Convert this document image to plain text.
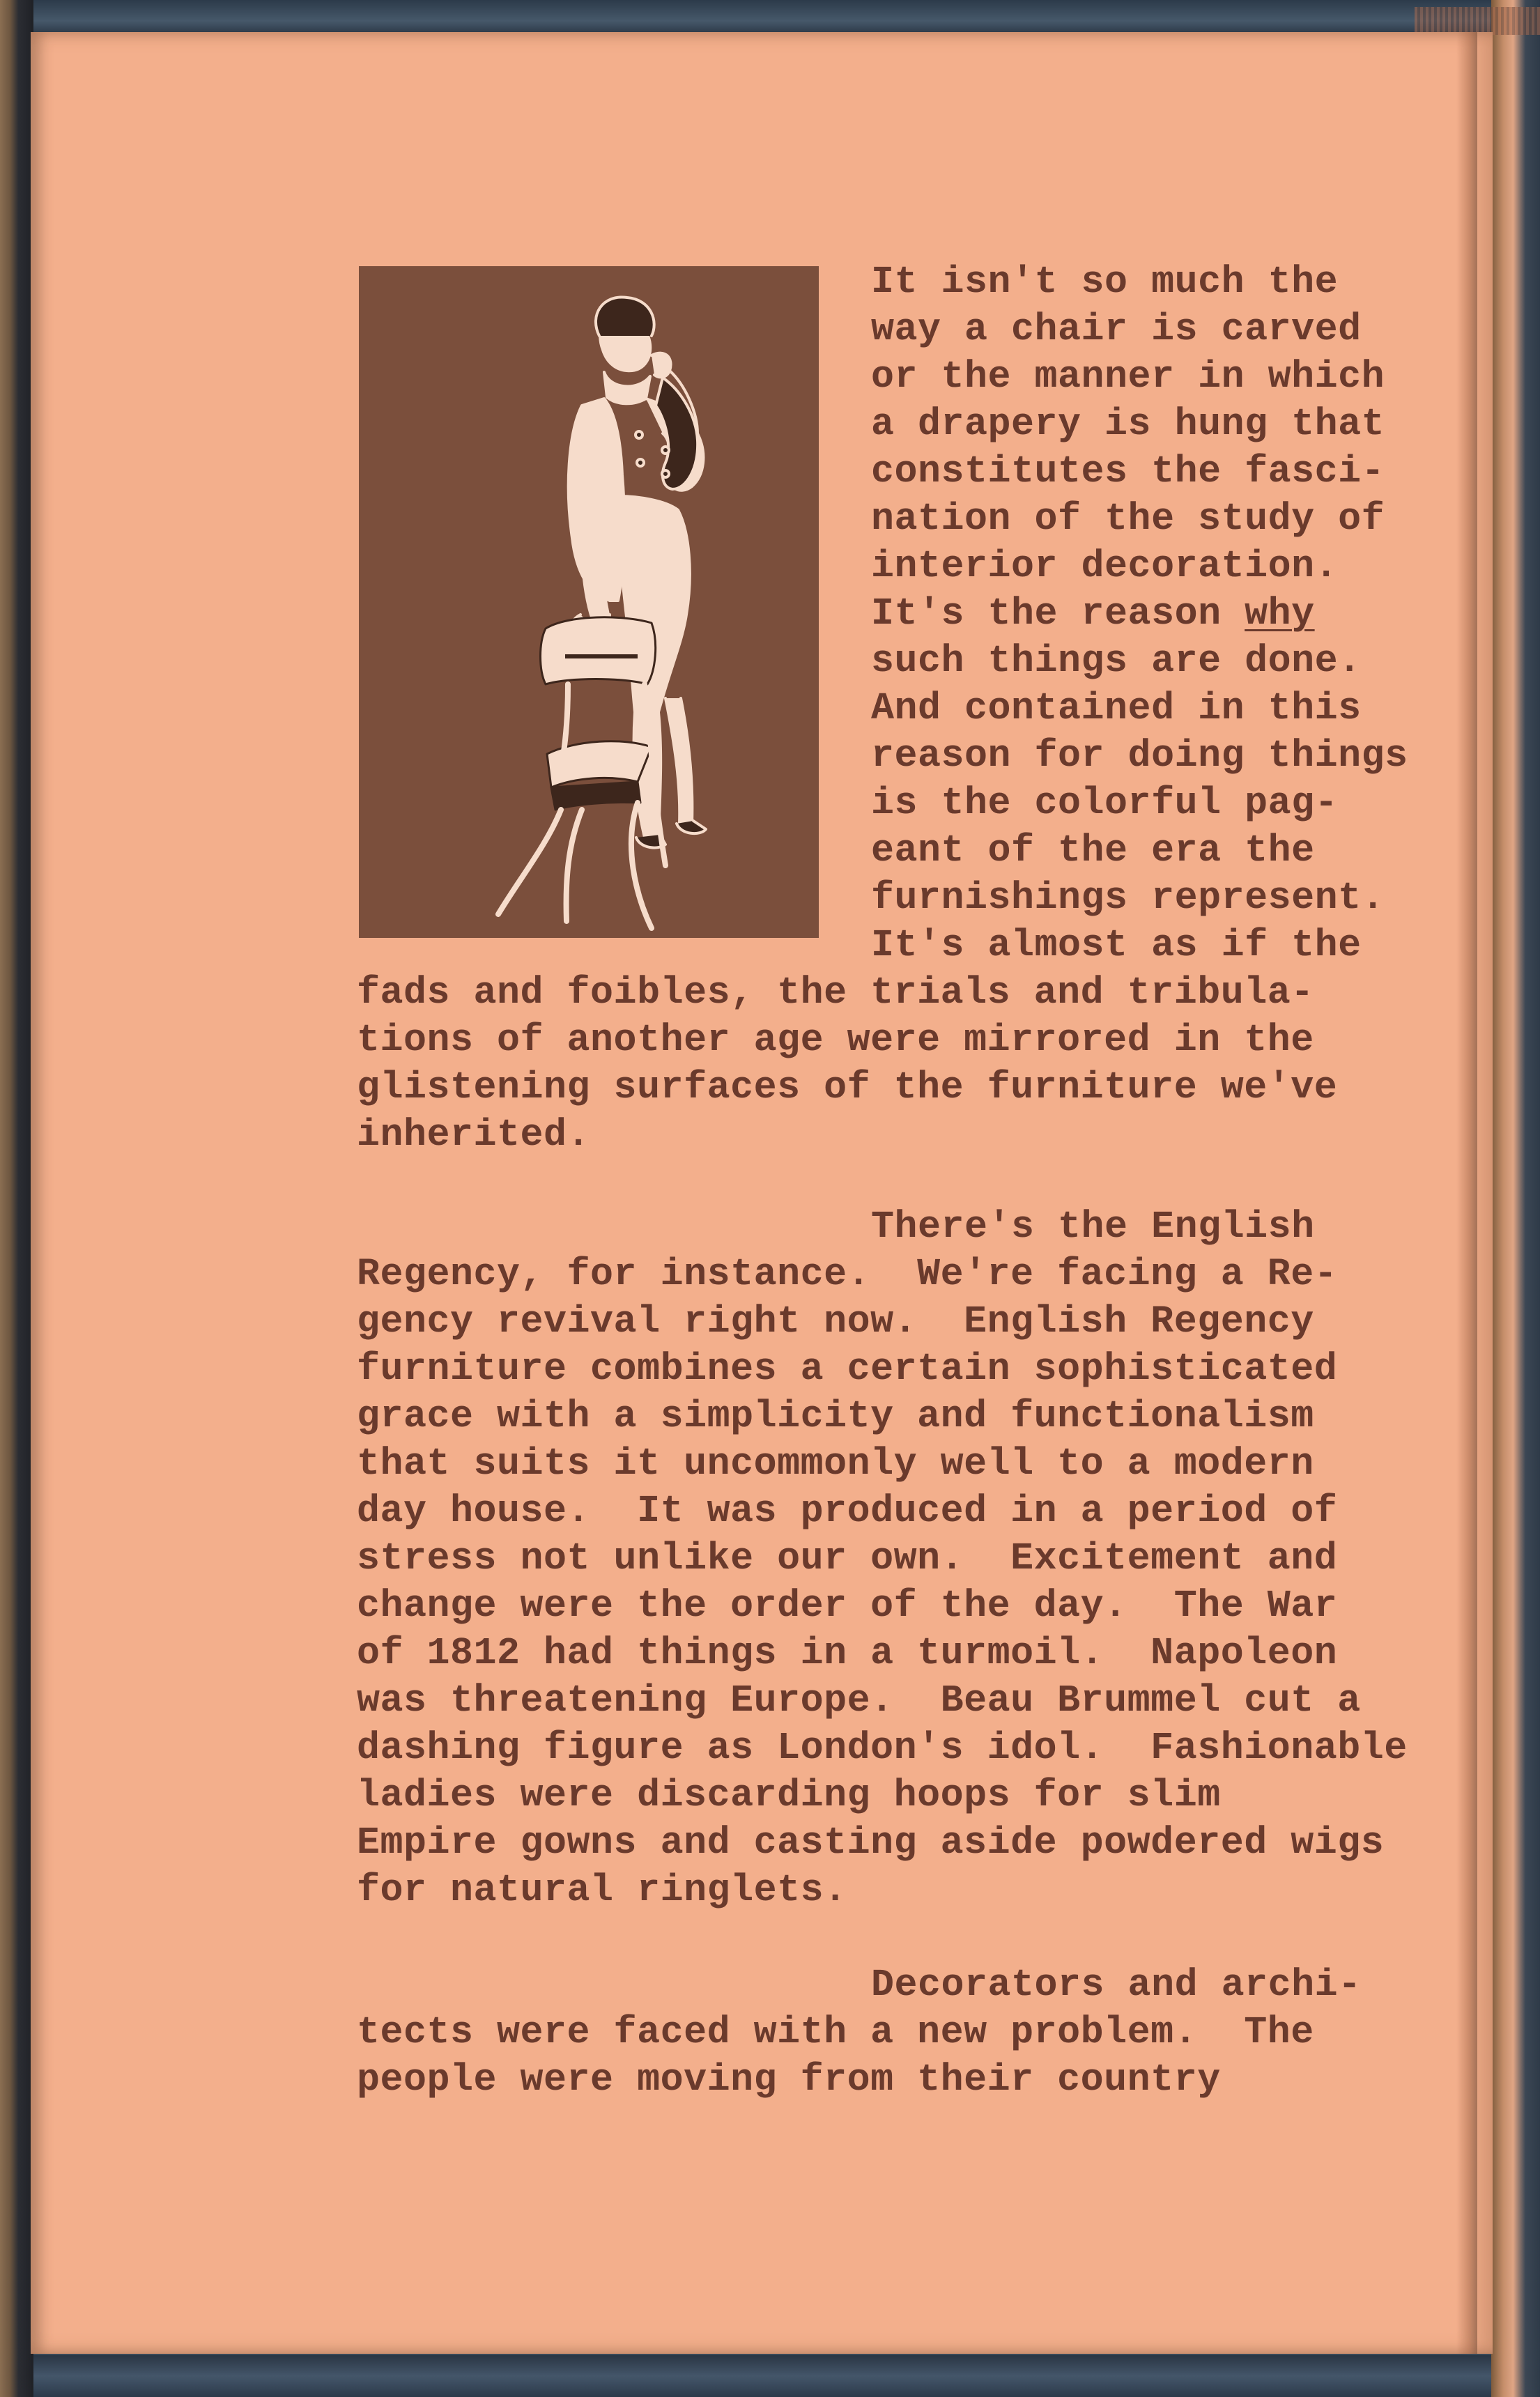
It isn't so much the

way a chair is carved

or the manner in which

a drapery is hung that

constitutes the fasci-

nation of the study of

interior decoration.

It's the reason why

such things are done.

And contained in this

reason for doing things

is the colorful pag-

eant of the era the

furnishings represent.

It's almost as if the

fads and foibles, the trials and tribula-

tions of another age were mirrored in the

glistening surfaces of the furniture we've

inherited.

There's the English

Regency, for instance.  We're facing a Re-

gency revival right now.  English Regency

furniture combines a certain sophisticated

grace with a simplicity and functionalism

that suits it uncommonly well to a modern

day house.  It was produced in a period of

stress not unlike our own.  Excitement and

change were the order of the day.  The War

of 1812 had things in a turmoil.  Napoleon

was threatening Europe.  Beau Brummel cut a

dashing figure as London's idol.  Fashionable

ladies were discarding hoops for slim

Empire gowns and casting aside powdered wigs

for natural ringlets.

Decorators and archi-

tects were faced with a new problem.  The

people were moving from their country
